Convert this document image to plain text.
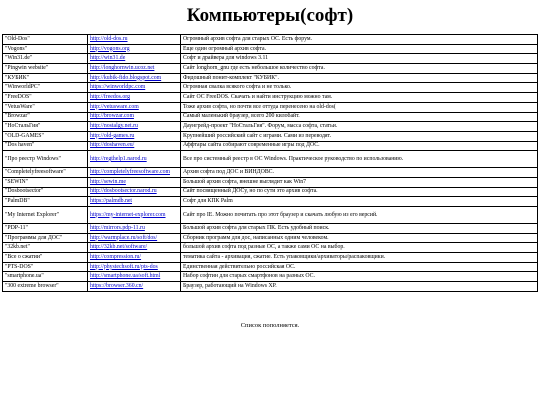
Компьютеры(софт)
"Old-Dos"	http://old-dos.ru	Огромный архив софта для старых ОС. Есть форум.
"Vogons"	http://vogons.org	Еще один огромный архив софта.
"Win31.de"	http://win31.de	Софт и драйвера для windows 3.11
"Pingwin website"	http://longhornwin.ucoz.net	Сайт longhorn_gnu где есть небольшое количество софта.
"КУБИК"	http://kubik-fido.blogspot.com	Фидошный понит-комплект "КУБИК".
"WinworldPC"	https://winworldpc.com	Огромная свалка всякого софта и не только.
"FreeDOS"	http://freedos.org	Сайт ОС FreeDOS. Скачать и найти инструкцию можно там.
"VetusWare"	http://vetusware.com	Тоже архив софта, но почти все оттуда перенесено на old-dos(
"Browzar"	http://browzar.com	Самый маленький браузер, всего 200 килобайт.
"НоСтальГия"	http://nostalgy.net.ru	Даунгрейд-проект "НоСтальГия". Форум, масса софта, статьи.
"OLD-GAMES"	http://old-games.ru	Крупнейший российский сайт с играми. Сами из переводят.
"Dos haven"	http://doshaven.eu/	Аффтары сайта собирают современные игры под ДОС.
"Про реестр Windows"	http://regthelp1.narod.ru	Все про системный реестр в ОС Windows. Практическое руководство по использованию.
"Completelyfreesoftware"	http://completelyfreesoftware.com	Архив софта под ДОС и ВИНДОВС.
"SEWIN"	http://sewin.me	Большой архив софта, внешне выглядит как Win7
"Dosbootsector"	http://dosbootsector.narod.ru	Сайт посвященный ДОСу, но по сути это архив софта.
"PalmDB"	https://palmdb.net	Софт для КПК Palm
"My Internet Explorer"	https://my-internet-explorer.com	Сайт про IE. Можно почитать про этот браузер и скачать любую из его версий.
"PDP-11"	http://mirrors.pdp-11.ru	Большой архив софта для старых ПК. Есть удобный поиск.
"Программы для ДОС"	http://warmplace.ru/soft/dos/	Сборник программ для дос, написанных одним человеком.
"32kb.net"	http://32kb.net/software/	большой архив софта под разные ОС, а также сами ОС на выбор.
"Все о сжатии"	http://compression.ru/	тематика сайта - архивация, сжатие. Есть упаковщики/архиваторы/распаковщики.
"PTS-DOS"	http://phystechsoft.ru/pts-dos	Единственная действительно российская ОС.
"smartphone.ua"	http://smartphone.ua/soft.html	Набор софтин для старых смартфонов на разных ОС.
"300 extreme browser"	https://browser.360.cn/	Браузер, работающий на Windows XP.
Список пополняется.
